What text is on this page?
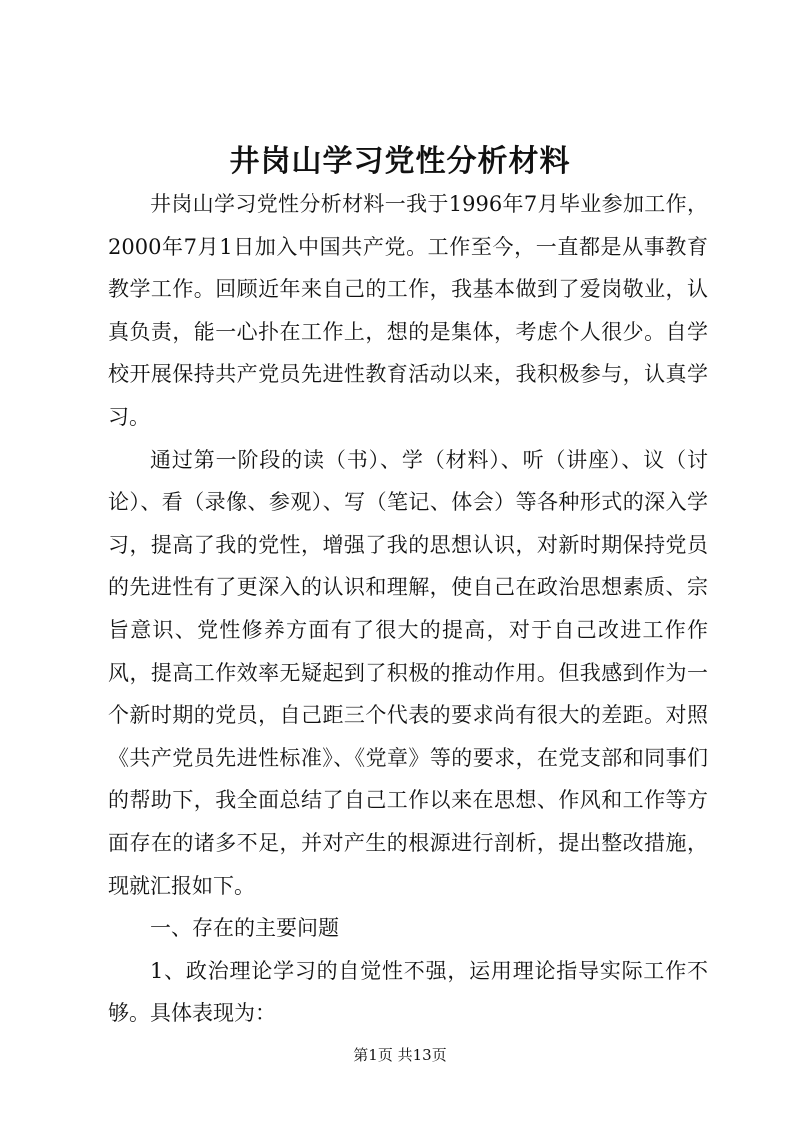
井岗山学习党性分析材料

井岗山学习党性分析材料一我于1996年7月毕业参加工作，2000年7月1日加入中国共产党。工作至今，一直都是从事教育教学工作。回顾近年来自己的工作，我基本做到了爱岗敬业，认真负责，能一心扑在工作上，想的是集体，考虑个人很少。自学校开展保持共产党员先进性教育活动以来，我积极参与，认真学习。

通过第一阶段的读（书）、学（材料）、听（讲座）、议（讨论）、看（录像、参观）、写（笔记、体会）等各种形式的深入学习，提高了我的党性，增强了我的思想认识，对新时期保持党员的先进性有了更深入的认识和理解，使自己在政治思想素质、宗旨意识、党性修养方面有了很大的提高，对于自己改进工作作风，提高工作效率无疑起到了积极的推动作用。但我感到作为一个新时期的党员，自己距三个代表的要求尚有很大的差距。对照《共产党员先进性标准》、《党章》等的要求，在党支部和同事们的帮助下，我全面总结了自己工作以来在思想、作风和工作等方面存在的诸多不足，并对产生的根源进行剖析，提出整改措施，现就汇报如下。

一、存在的主要问题

1、政治理论学习的自觉性不强，运用理论指导实际工作不够。具体表现为：

第1页 共13页
